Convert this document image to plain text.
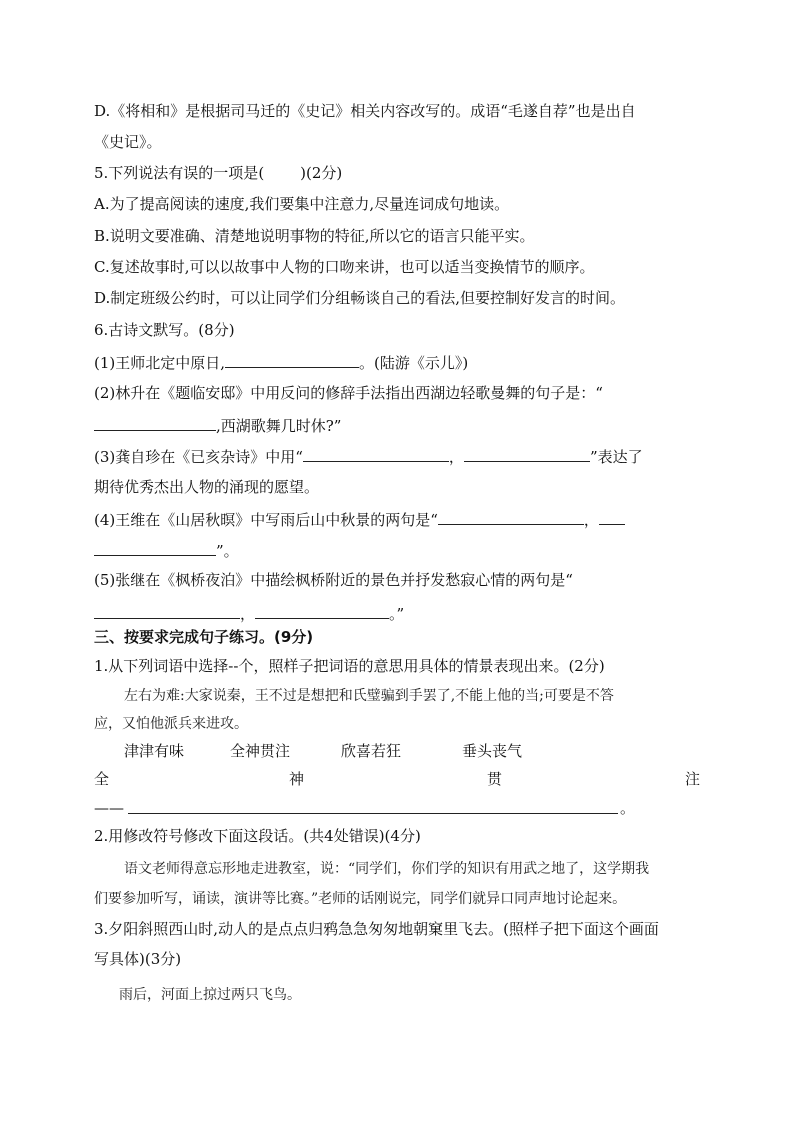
D.《将相和》是根据司马迁的《史记》相关内容改写的。成语“毛遂自荐”也是出自
《史记》。
5.下列说法有误的一项是( )(2分)
A.为了提高阅读的速度,我们要集中注意力,尽量连词成句地读。
B.说明文要准确、清楚地说明事物的特征,所以它的语言只能平实。
C.复述故事时,可以以故事中人物的口吻来讲，也可以适当变换情节的顺序。
D.制定班级公约时，可以让同学们分组畅谈自己的看法,但要控制好发言的时间。
6.古诗文默写。(8分)
(1)王师北定中原日,	。(陆游《示儿》)
(2)林升在《题临安邸》中用反问的修辞手法指出西湖边轻歌曼舞的句子是：“
,西湖歌舞几时休?”
(3)龚自珍在《已亥杂诗》中用“	，	”表达了
期待优秀杰出人物的涌现的愿望。
(4)王维在《山居秋暝》中写雨后山中秋景的两句是“	，
”。
(5)张继在《枫桥夜泊》中描绘枫桥附近的景色并抒发愁寂心情的两句是“
，	。”
三、按要求完成句子练习。(9分)
1.从下列词语中选择--个，照样子把词语的意思用具体的情景表现出来。(2分)
左右为难:大家说秦，王不过是想把和氏璧骗到手罢了,不能上他的当;可要是不答
应，又怕他派兵来进攻。
津津有味	全神贯注	欣喜若狂	垂头丧气
全	神	贯	注
——	。
2.用修改符号修改下面这段话。(共4处错误)(4分)
语文老师得意忘形地走进教室，说：“同学们，你们学的知识有用武之地了，这学期我
们要参加听写，诵读，演讲等比赛。”老师的话刚说完，同学们就异口同声地讨论起来。
3.夕阳斜照西山时,动人的是点点归鸦急急匆匆地朝窠里飞去。(照样子把下面这个画面
写具体)(3分)
雨后，河面上掠过两只飞鸟。
